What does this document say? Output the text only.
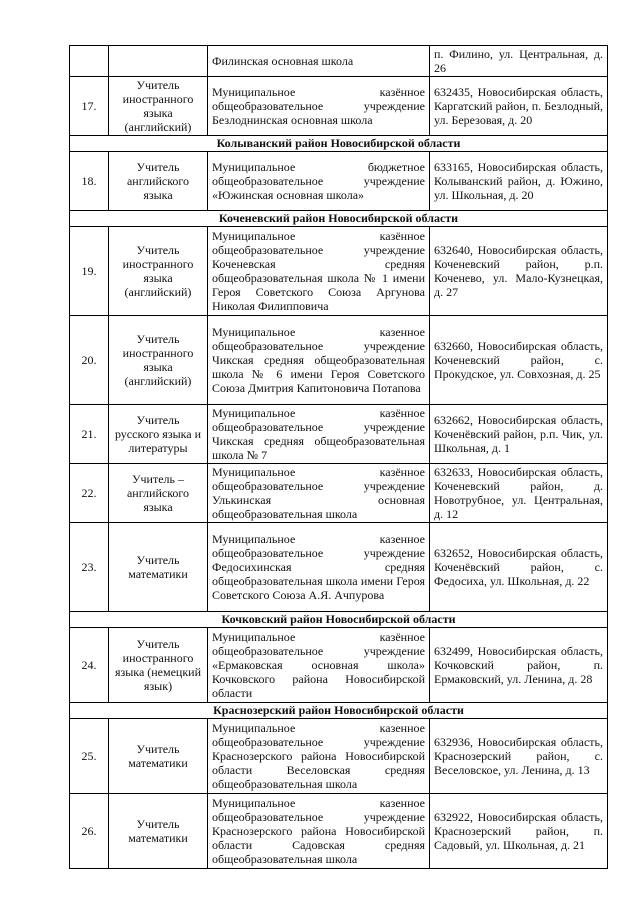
		Филинская основная школа	п. Филино, ул. Центральная, д. 26
17.	Учитель иностранного языка (английский)	Муниципальное казённое общеобразовательное учреждение Безлоднинская основная школа	632435, Новосибирская область, Каргатский район, п. Безлодный, ул. Березовая, д. 20
Колыванский район Новосибирской области			
18.	Учитель английского языка	Муниципальное бюджетное общеобразовательное учреждение «Южинская основная школа»	633165, Новосибирская область, Колыванский район, д. Южино, ул. Школьная, д. 20
Коченевский район Новосибирской области			
19.	Учитель иностранного языка (английский)	Муниципальное казённое общеобразовательное учреждение Коченевская средняя общеобразовательная школа № 1 имени Героя Советского Союза Аргунова Николая Филипповича	632640, Новосибирская область, Коченевский район, р.п. Коченево, ул. Мало-Кузнецкая, д. 27
20.	Учитель иностранного языка (английский)	Муниципальное казенное общеобразовательное учреждение Чикская средняя общеобразовательная школа № 6 имени Героя Советского Союза Дмитрия Капитоновича Потапова	632660, Новосибирская область, Коченевский район, с. Прокудское, ул. Совхозная, д. 25
21.	Учитель русского языка и литературы	Муниципальное казённое общеобразовательное учреждение Чикская средняя общеобразовательная школа № 7	632662, Новосибирская область, Коченёвский район, р.п. Чик, ул. Школьная, д. 1
22.	Учитель – английского языка	Муниципальное казённое общеобразовательное учреждение Улькинская основная общеобразовательная школа	632633, Новосибирская область, Коченевский район, д. Новотрубное, ул. Центральная, д. 12
23.	Учитель математики	Муниципальное казенное общеобразовательное учреждение Федосихинская средняя общеобразовательная школа имени Героя Советского Союза А.Я. Ачпурова	632652, Новосибирская область, Коченёвский район, с. Федосиха, ул. Школьная, д. 22
Кочковский район Новосибирской области			
24.	Учитель иностранного языка (немецкий язык)	Муниципальное казённое общеобразовательное учреждение «Ермаковская основная школа» Кочковского района Новосибирской области	632499, Новосибирская область, Кочковский район, п. Ермаковский, ул. Ленина, д. 28
Краснозерский район Новосибирской области			
25.	Учитель математики	Муниципальное казенное общеобразовательное учреждение Краснозерского района Новосибирской области Веселовская средняя общеобразовательная школа	632936, Новосибирская область, Краснозерский район, с. Веселовское, ул. Ленина, д. 13
26.	Учитель математики	Муниципальное казенное общеобразовательное учреждение Краснозерского района Новосибирской области Садовская средняя общеобразовательная школа	632922, Новосибирская область, Краснозерский район, п. Садовый, ул. Школьная, д. 21
